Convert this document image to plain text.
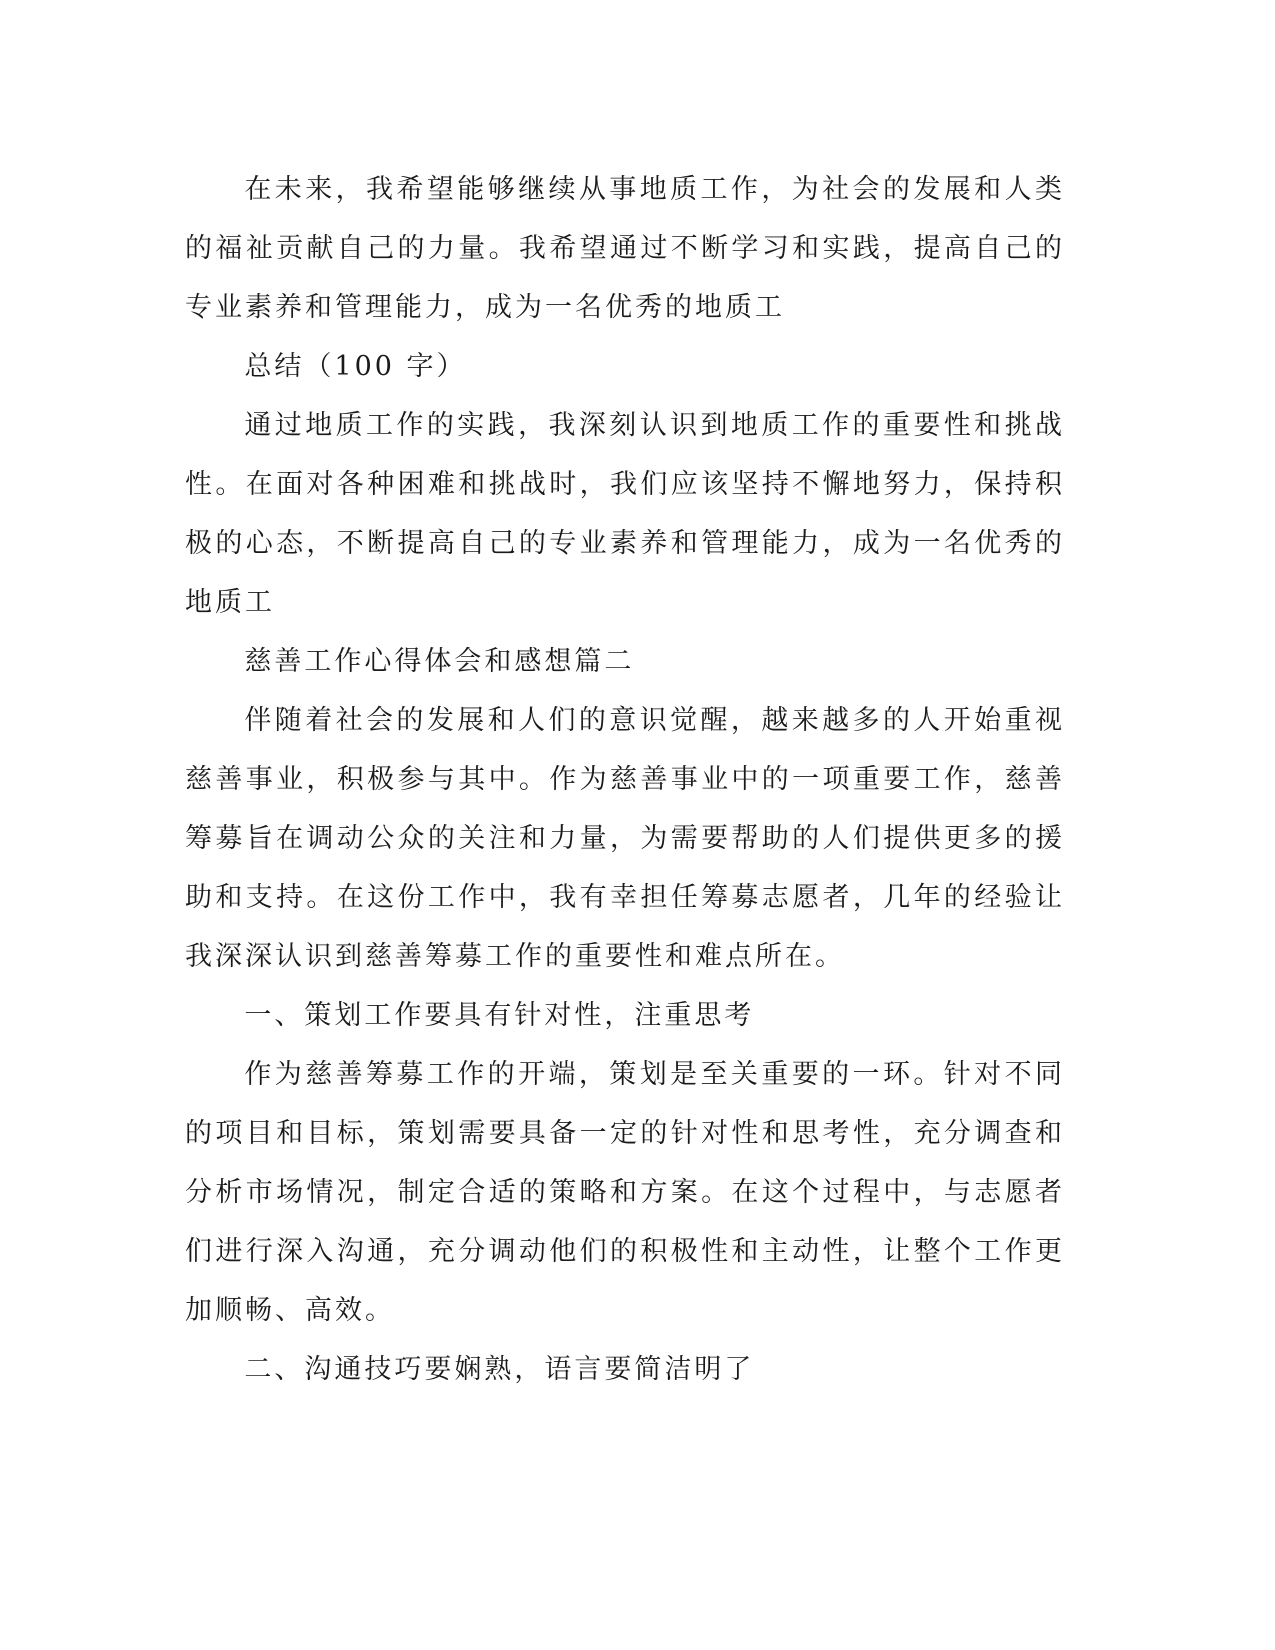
在未来，我希望能够继续从事地质工作，为社会的发展和人类的福祉贡献自己的力量。我希望通过不断学习和实践，提高自己的专业素养和管理能力，成为一名优秀的地质工

总结（100 字）

通过地质工作的实践，我深刻认识到地质工作的重要性和挑战性。在面对各种困难和挑战时，我们应该坚持不懈地努力，保持积极的心态，不断提高自己的专业素养和管理能力，成为一名优秀的地质工

慈善工作心得体会和感想篇二

伴随着社会的发展和人们的意识觉醒，越来越多的人开始重视慈善事业，积极参与其中。作为慈善事业中的一项重要工作，慈善筹募旨在调动公众的关注和力量，为需要帮助的人们提供更多的援助和支持。在这份工作中，我有幸担任筹募志愿者，几年的经验让我深深认识到慈善筹募工作的重要性和难点所在。

一、策划工作要具有针对性，注重思考

作为慈善筹募工作的开端，策划是至关重要的一环。针对不同的项目和目标，策划需要具备一定的针对性和思考性，充分调查和分析市场情况，制定合适的策略和方案。在这个过程中，与志愿者们进行深入沟通，充分调动他们的积极性和主动性，让整个工作更加顺畅、高效。

二、沟通技巧要娴熟，语言要简洁明了
